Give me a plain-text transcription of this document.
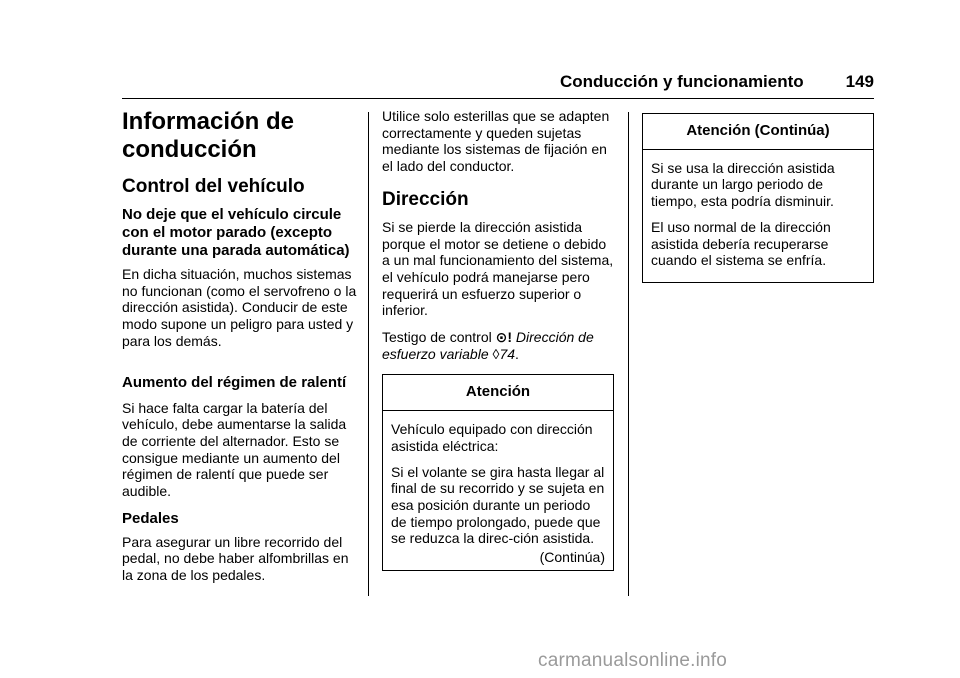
Conducción y funcionamiento 149
Información de conducción
Control del vehículo
No deje que el vehículo circule con el motor parado (excepto durante una parada automática)

En dicha situación, muchos sistemas no funcionan (como el servofreno o la dirección asistida). Conducir de este modo supone un peligro para usted y para los demás.

Aumento del régimen de ralentí

Si hace falta cargar la batería del vehículo, debe aumentarse la salida de corriente del alternador. Esto se consigue mediante un aumento del régimen de ralentí que puede ser audible.

Pedales

Para asegurar un libre recorrido del pedal, no debe haber alfombrillas en la zona de los pedales.

Utilice solo esterillas que se adapten correctamente y queden sujetas mediante los sistemas de fijación en el lado del conductor.

Dirección

Si se pierde la dirección asistida porque el motor se detiene o debido a un mal funcionamiento del sistema, el vehículo podrá manejarse pero requerirá un esfuerzo superior o inferior.

Testigo de control ⊙! Dirección de esfuerzo variable ◊74.

Atención

Vehículo equipado con dirección asistida eléctrica:

Si el volante se gira hasta llegar al final de su recorrido y se sujeta en esa posición durante un periodo de tiempo prolongado, puede que se reduzca la direc-ción asistida.

(Continúa)
Atención (Continúa)

Si se usa la dirección asistida durante un largo periodo de tiempo, esta podría disminuir.

El uso normal de la dirección asistida debería recuperarse cuando el sistema se enfría.

carmanualsonline.info
